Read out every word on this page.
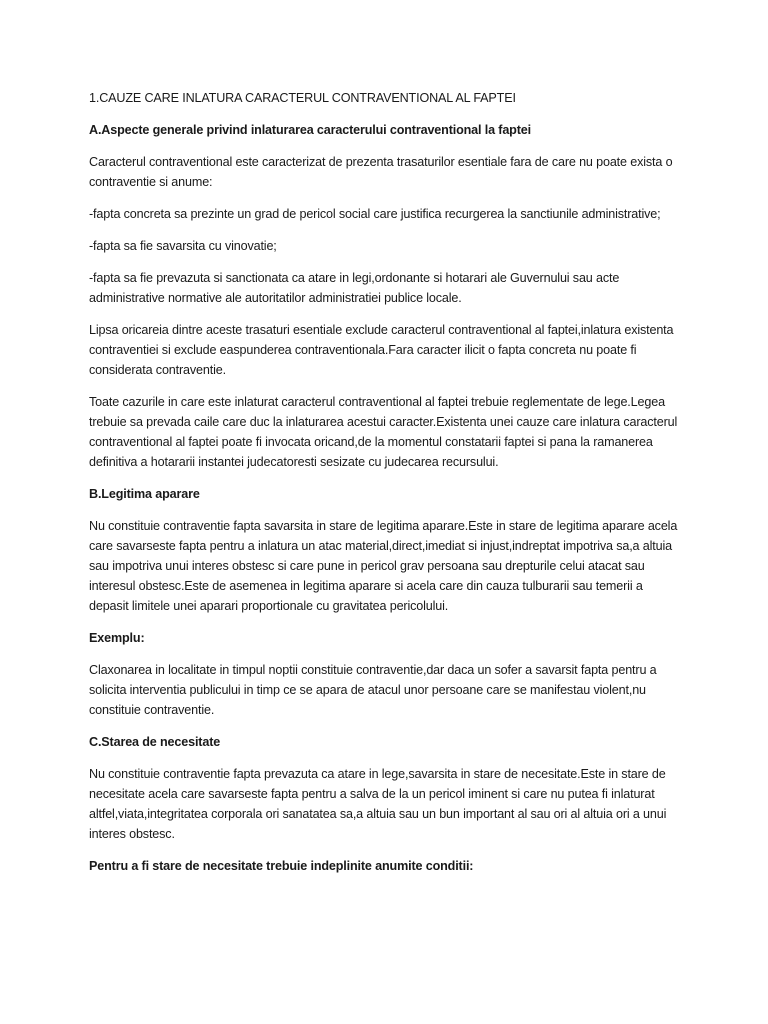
1.CAUZE CARE INLATURA CARACTERUL CONTRAVENTIONAL AL FAPTEI

A.Aspecte generale privind inlaturarea caracterului contraventional la faptei

Caracterul contraventional este caracterizat de prezenta trasaturilor esentiale fara de care nu poate exista o contraventie si anume:

-fapta concreta sa prezinte un grad de pericol social care justifica recurgerea la sanctiunile administrative;

-fapta sa fie savarsita cu vinovatie;

-fapta sa fie prevazuta si sanctionata ca atare in legi,ordonante si hotarari ale Guvernului sau acte administrative normative ale autoritatilor administratiei publice locale.

Lipsa oricareia dintre aceste trasaturi esentiale exclude caracterul contraventional al faptei,inlatura existenta contraventiei si exclude easpunderea contraventionala.Fara caracter ilicit o fapta concreta nu poate fi considerata contraventie.

Toate cazurile in care este inlaturat caracterul contraventional al faptei trebuie reglementate de lege.Legea trebuie sa prevada caile care duc la inlaturarea acestui caracter.Existenta unei cauze care inlatura caracterul contraventional al faptei poate fi invocata oricand,de la momentul constatarii faptei si pana la ramanerea definitiva a hotararii instantei judecatoresti sesizate cu judecarea recursului.

B.Legitima aparare

Nu constituie contraventie fapta savarsita in stare de legitima aparare.Este in stare de legitima aparare acela care savarseste fapta pentru a inlatura un atac material,direct,imediat si injust,indreptat impotriva sa,a altuia sau impotriva unui interes obstesc si care pune in pericol grav persoana sau drepturile celui atacat sau interesul obstesc.Este de asemenea in legitima aparare si acela care din cauza tulburarii sau temerii a depasit limitele unei aparari proportionale cu gravitatea pericolului.

Exemplu:

Claxonarea in localitate in timpul noptii constituie contraventie,dar daca un sofer a savarsit fapta pentru a solicita interventia publicului in timp ce se apara de atacul unor persoane care se manifestau violent,nu constituie contraventie.

C.Starea de necesitate

Nu constituie contraventie fapta prevazuta ca atare in lege,savarsita in stare de necesitate.Este in stare de necesitate acela care savarseste fapta pentru a salva de la un pericol iminent si care nu putea fi inlaturat altfel,viata,integritatea corporala ori sanatatea sa,a altuia sau un bun important al sau ori al altuia ori a unui interes obstesc.

Pentru a fi stare de necesitate trebuie indeplinite anumite conditii:
